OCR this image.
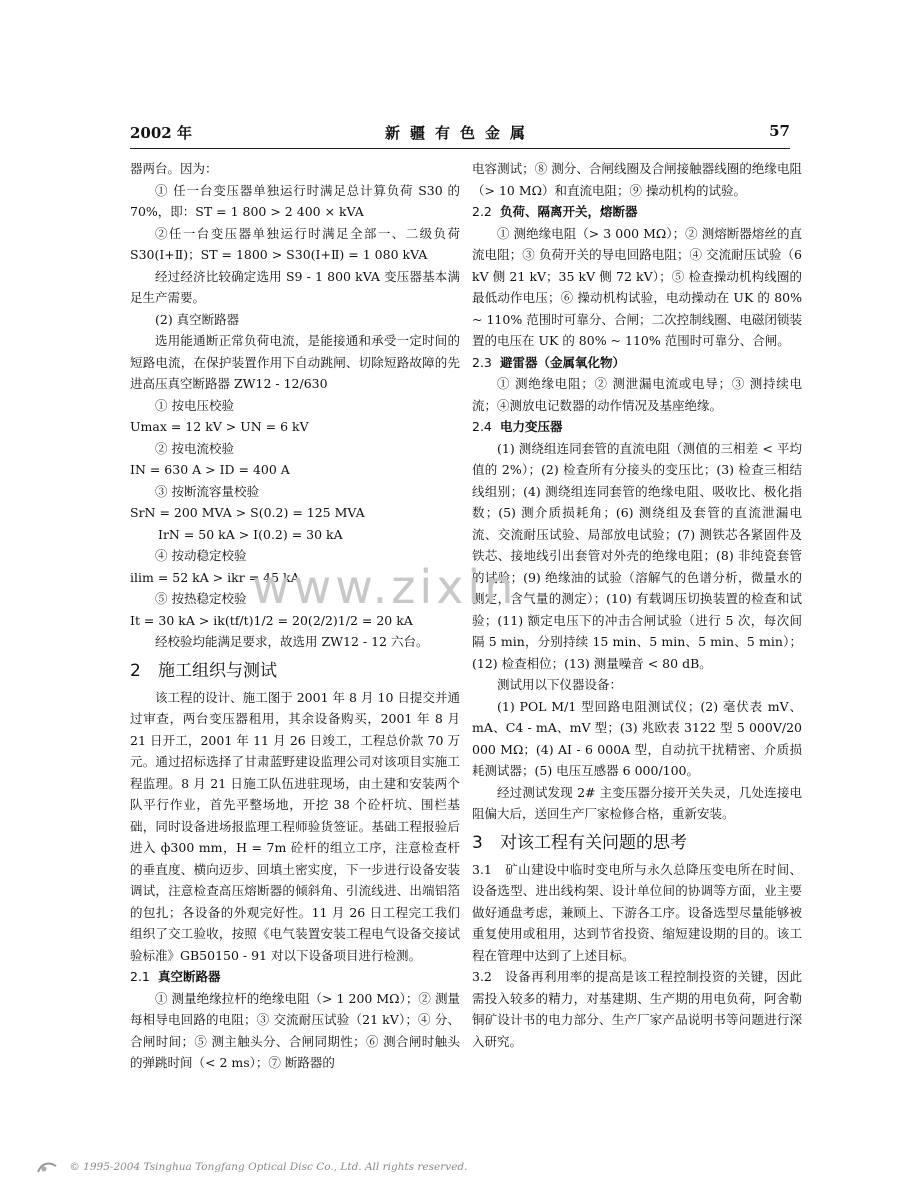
2002 年	新疆有色金属	57

器两台。因为：

① 任一台变压器单独运行时满足总计算负荷 S30 的 70%，即：ST = 1 800 > 2 400 × kVA

②任一台变压器单独运行时满足全部一、二级负荷 S30(Ⅰ+Ⅱ)；ST = 1800 > S30(Ⅰ+Ⅱ) = 1 080 kVA

经过经济比较确定选用 S9 - 1 800 kVA 变压器基本满足生产需要。

(2) 真空断路器

选用能通断正常负荷电流，是能接通和承受一定时间的短路电流，在保护装置作用下自动跳闸、切除短路故障的先进高压真空断路器 ZW12 - 12/630

① 按电压校验

Umax = 12 kV > UN = 6 kV

② 按电流校验

IN = 630 A > ID = 400 A

③ 按断流容量校验

SrN = 200 MVA > S(0.2) = 125 MVA

IrN = 50 kA > I(0.2) = 30 kA

④ 按动稳定校验

ilim = 52 kA > ikr = 45 kA

⑤ 按热稳定校验

It = 30 kA > ik(tf/t)1/2 = 20(2/2)1/2 = 20 kA

经校验均能满足要求，故选用 ZW12 - 12 六台。

2 施工组织与测试

该工程的设计、施工图于 2001 年 8 月 10 日提交并通过审查，两台变压器租用，其余设备购买，2001 年 8 月 21 日开工，2001 年 11 月 26 日竣工，工程总价款 70 万元。通过招标选择了甘肃蓝野建设监理公司对该项目实施工程监理。8 月 21 日施工队伍进驻现场，由土建和安装两个队平行作业，首先平整场地，开挖 38 个砼杆坑、围栏基础，同时设备进场报监理工程师验货签证。基础工程报验后进入 ф300 mm，H = 7m 砼杆的组立工序，注意检查杆的垂直度、横向迈步、回填土密实度，下一步进行设备安装调试，注意检查高压熔断器的倾斜角、引流线进、出端铝箔的包扎；各设备的外观完好性。11 月 26 日工程完工我们组织了交工验收，按照《电气装置安装工程电气设备交接试验标准》GB50150 - 91 对以下设备项目进行检测。

2.1 真空断路器

① 测量绝缘拉杆的绝缘电阻（> 1 200 MΩ）；② 测量每相导电回路的电阻；③ 交流耐压试验（21 kV）；④ 分、合闸时间；⑤ 测主触头分、合闸同期性；⑥ 测合闸时触头的弹跳时间（< 2 ms）；⑦ 断路器的

电容测试；⑧ 测分、合闸线圈及合闸接触器线圈的绝缘电阻（> 10 MΩ）和直流电阻；⑨ 操动机构的试验。

2.2 负荷、隔离开关，熔断器

① 测绝缘电阻（> 3 000 MΩ）；② 测熔断器熔丝的直流电阻；③ 负荷开关的导电回路电阻；④ 交流耐压试验（6 kV 侧 21 kV；35 kV 侧 72 kV）；⑤ 检查操动机构线圈的最低动作电压；⑥ 操动机构试验，电动操动在 UK 的 80% ~ 110% 范围时可靠分、合闸；二次控制线圈、电磁闭锁装置的电压在 UK 的 80% ~ 110% 范围时可靠分、合闸。

2.3 避雷器（金属氧化物）

① 测绝缘电阻；② 测泄漏电流或电导；③ 测持续电流；④测放电记数器的动作情况及基座绝缘。

2.4 电力变压器

(1) 测绕组连同套管的直流电阻（测值的三相差 < 平均值的 2%）；(2) 检查所有分接头的变压比；(3) 检查三相结线组别；(4) 测绕组连同套管的绝缘电阻、吸收比、极化指数；(5) 测介质损耗角；(6) 测绕组及套管的直流泄漏电流、交流耐压试验、局部放电试验；(7) 测铁芯各紧固件及铁芯、接地线引出套管对外壳的绝缘电阻；(8) 非纯瓷套管的试验；(9) 绝缘油的试验（溶解气的色谱分析，微量水的测定，含气量的测定）；(10) 有载调压切换装置的检查和试验；(11) 额定电压下的冲击合闸试验（进行 5 次，每次间隔 5 min，分别持续 15 min、5 min、5 min、5 min）；(12) 检查相位；(13) 测量噪音 < 80 dB。

测试用以下仪器设备：

(1) POL M/1 型回路电阻测试仪；(2) 毫伏表 mV、mA、C4 - mA、mV 型；(3) 兆欧表 3122 型 5 000V/20 000 MΩ；(4) AI - 6 000A 型，自动抗干扰精密、介质损耗测试器；(5) 电压互感器 6 000/100。

经过测试发现 2# 主变压器分接开关失灵，几处连接电阻偏大后，送回生产厂家检修合格，重新安装。

3 对该工程有关问题的思考

3.1　矿山建设中临时变电所与永久总降压变电所在时间、设备选型、进出线构架、设计单位间的协调等方面，业主要做好通盘考虑，兼顾上、下游各工序。设备选型尽量能够被重复使用或租用，达到节省投资、缩短建设期的目的。该工程在管理中达到了上述目标。

3.2　设备再利用率的提高是该工程控制投资的关键，因此需投入较多的精力，对基建期、生产期的用电负荷，阿舍勒铜矿设计书的电力部分、生产厂家产品说明书等问题进行深入研究。

www.zixin
© 1995-2004 Tsinghua Tongfang Optical Disc Co., Ltd. All rights reserved.
